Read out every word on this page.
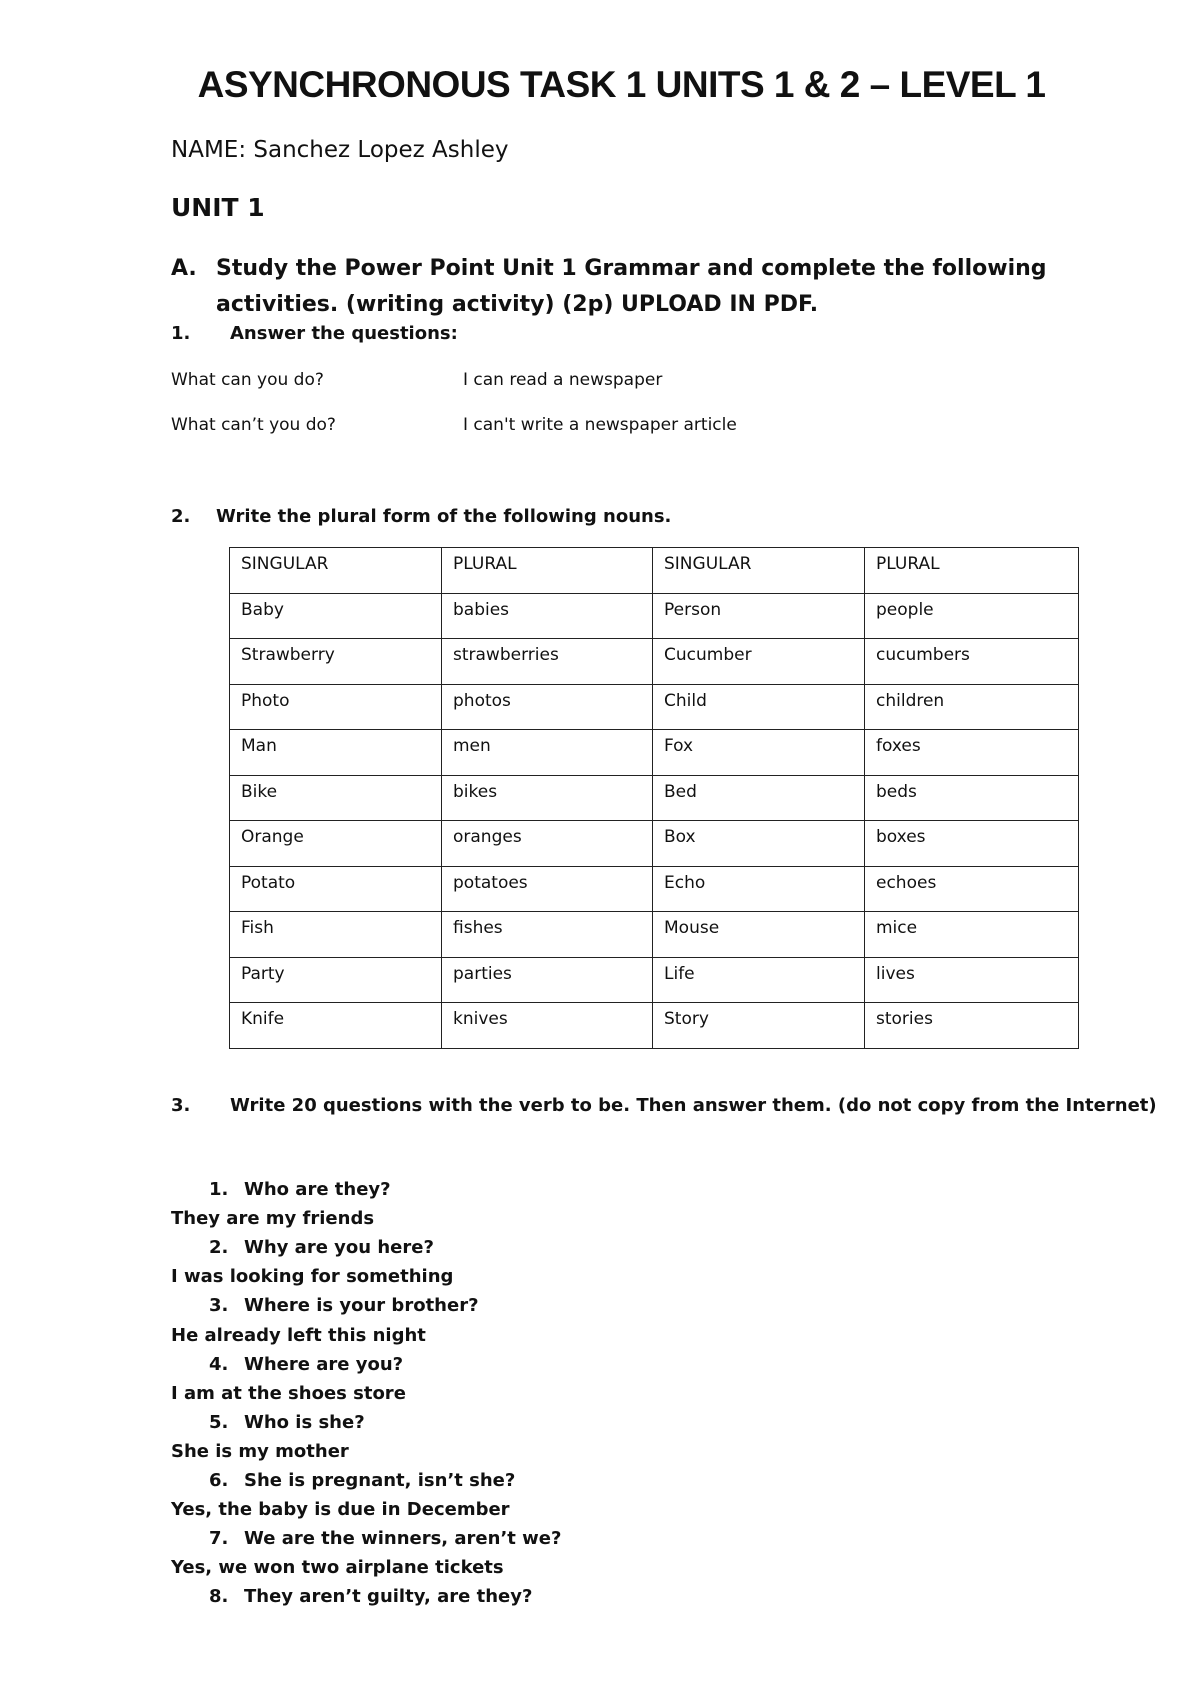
ASYNCHRONOUS TASK 1 UNITS 1 & 2 – LEVEL 1
NAME: Sanchez Lopez Ashley
UNIT 1
A. Study the Power Point Unit 1 Grammar and complete the following
activities. (writing activity) (2p) UPLOAD IN PDF.
1. Answer the questions:
What can you do?	I can read a newspaper
What can’t you do?	I can't write a newspaper article
2. Write the plural form of the following nouns.
SINGULAR	PLURAL	SINGULAR	PLURAL
Baby	babies	Person	people
Strawberry	strawberries	Cucumber	cucumbers
Photo	photos	Child	children
Man	men	Fox	foxes
Bike	bikes	Bed	beds
Orange	oranges	Box	boxes
Potato	potatoes	Echo	echoes
Fish	fishes	Mouse	mice
Party	parties	Life	lives
Knife	knives	Story	stories
3. Write 20 questions with the verb to be. Then answer them. (do not copy from the Internet)
1. Who are they?
They are my friends
2. Why are you here?
I was looking for something
3. Where is your brother?
He already left this night
4. Where are you?
I am at the shoes store
5. Who is she?
She is my mother
6. She is pregnant, isn’t she?
Yes, the baby is due in December
7. We are the winners, aren’t we?
Yes, we won two airplane tickets
8. They aren’t guilty, are they?
